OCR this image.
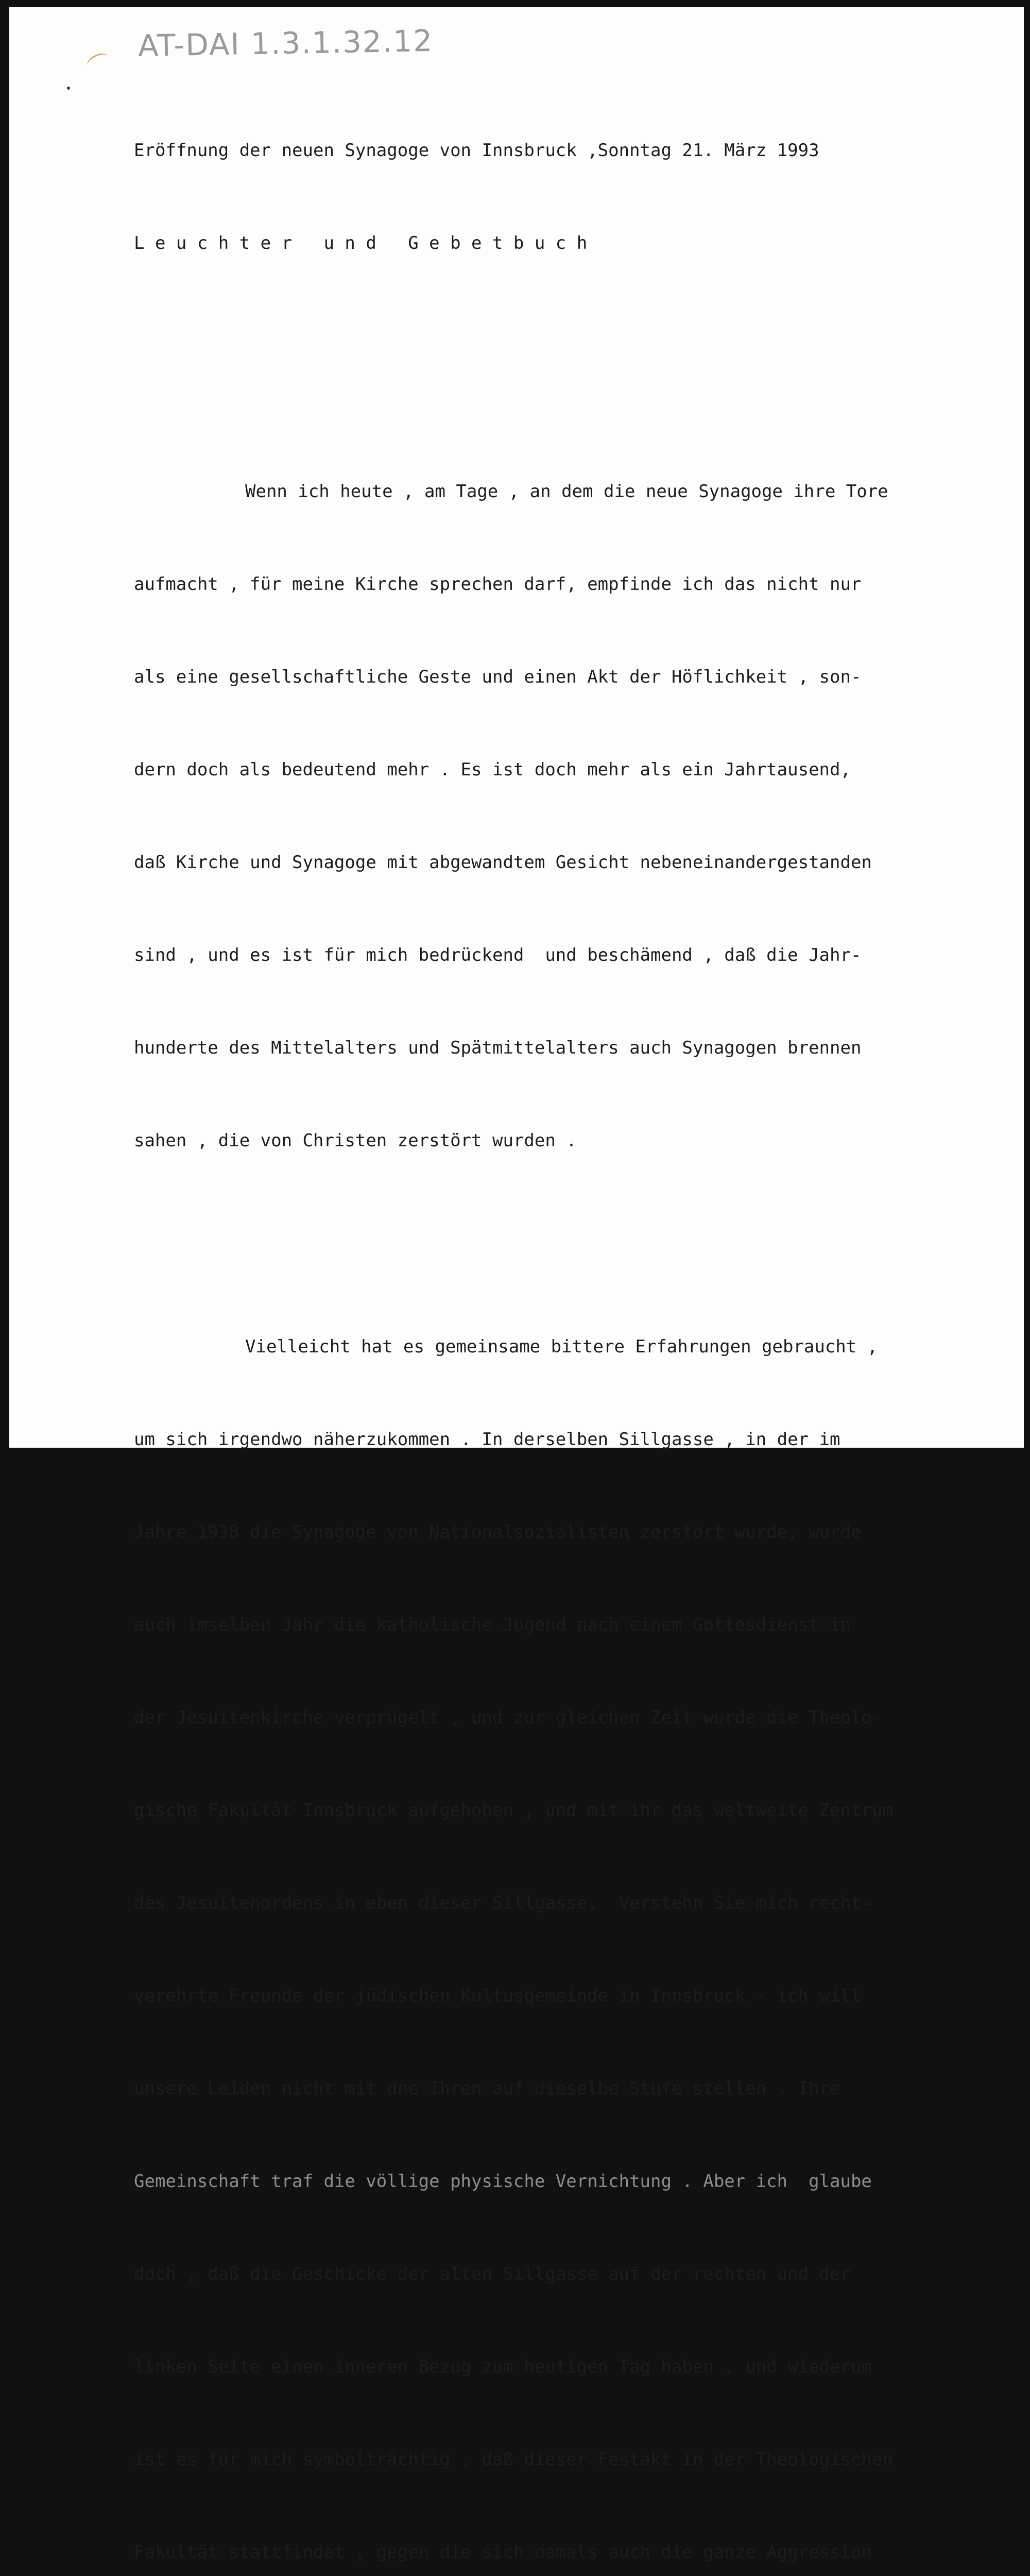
AT-DAI 1.3.1.32.12

Eröffnung der neuen Synagoge von Innsbruck ,Sonntag 21. März 1993

L e u c h t e r   u n d   G e b e t b u c h

Wenn ich heute , am Tage , an dem die neue Synagoge ihre Tore

aufmacht , für meine Kirche sprechen darf, empfinde ich das nicht nur

als eine gesellschaftliche Geste und einen Akt der Höflichkeit , son-

dern doch als bedeutend mehr . Es ist doch mehr als ein Jahrtausend,

daß Kirche und Synagoge mit abgewandtem Gesicht nebeneinandergestanden

sind , und es ist für mich bedrückend  und beschämend , daß die Jahr-

hunderte des Mittelalters und Spätmittelalters auch Synagogen brennen

sahen , die von Christen zerstört wurden .

Vielleicht hat es gemeinsame bittere Erfahrungen gebraucht ,

um sich irgendwo näherzukommen . In derselben Sillgasse , in der im

Jahre 1938 die Synagoge von Nationalsozialisten zerstört wurde, wurde

auch imselben Jahr die katholische Jugend nach einem Gottesdienst in

der Jesuitenkirche verprügelt , und zur gleichen Zeit wurde die Theolo-

gische Fakultät Innsbruck aufgehoben , und mit ihr das weltweite Zentrum

des Jesuitenordens in eben dieser Sillgasse.  Verstehn Sie mich recht-

verehrte Freunde der jüdischen Kultusgemeinde in Innsbruck - ich will

unsere Leiden nicht mit dne Ihren auf dieselbe Stufe stellen . Ihre

Gemeinschaft traf die völlige physische Vernichtung . Aber ich  glaube

doch , daß die Geschicke der alten Sillgasse auf der rechten und der

linken Seite einen inneren Bezug zum heutigen Tag haben , und wiederum

ist es für mich symbolträchtig , daß dieser Festakt in der Theologischen

Fakultät stattfindet , gegen die sich damals auch die ganze Aggression
